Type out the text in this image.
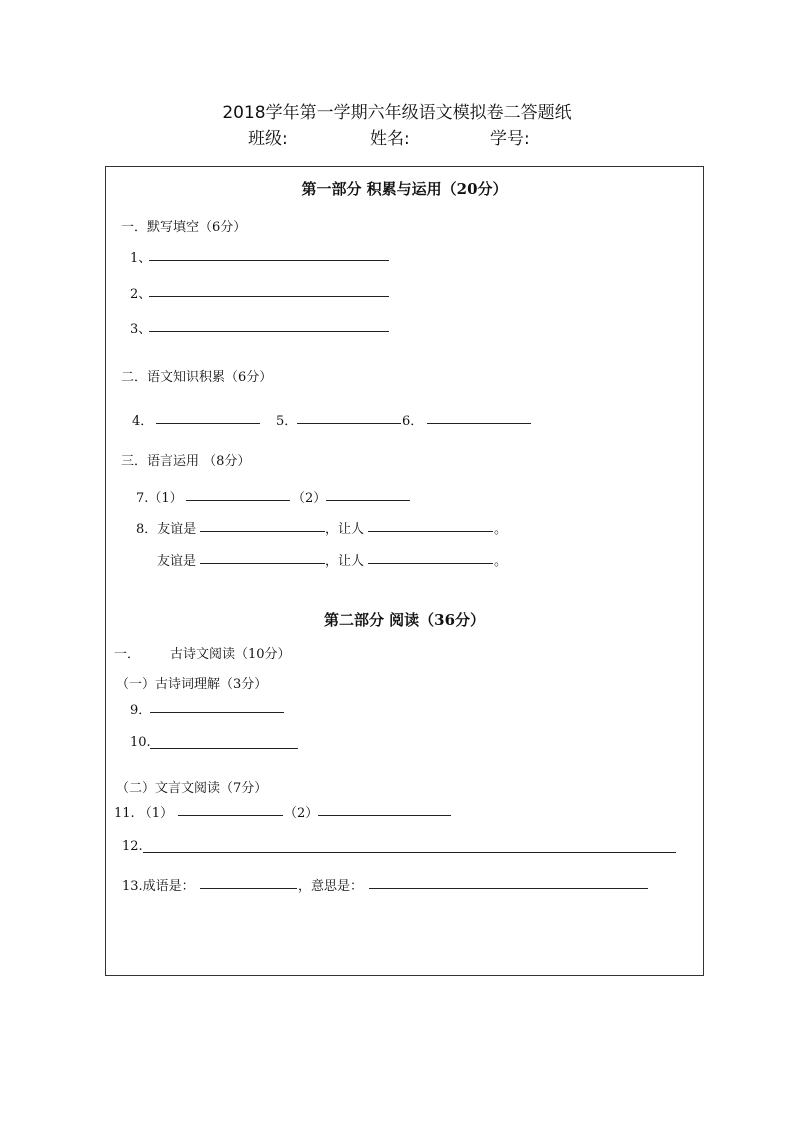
2018学年第一学期六年级语文模拟卷二答题纸
班级:	姓名:	学号:
第一部分 积累与运用（20分）
一．默写填空（6分）
1、
2、
3、
二．语文知识积累（6分）
4．	5．	6．
三．语言运用 （8分）
7.（1）	（2）
8．友谊是	，让人	。
友谊是	，让人	。
第二部分 阅读（36分）
一． 古诗文阅读（10分）
（一）古诗词理解（3分）
9．
10.
（二）文言文阅读（7分）
11. （1）	（2）
12.
13.成语是：	，意思是：
